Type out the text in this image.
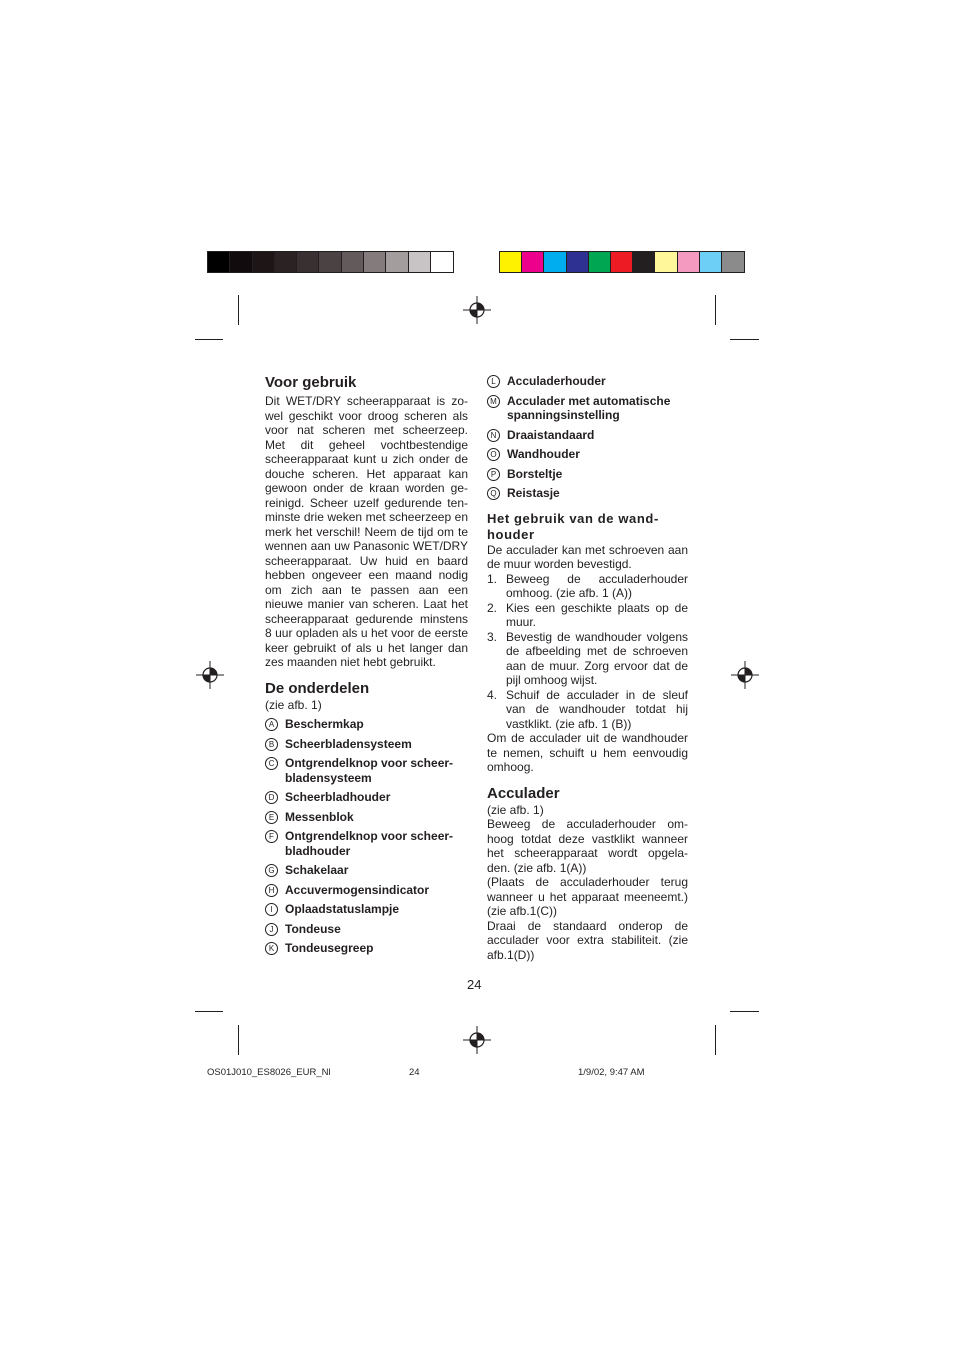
Voor gebruik

Dit WET/DRY scheerapparaat is zo-wel geschikt voor droog scheren als voor nat scheren met scheerzeep. Met dit geheel vochtbestendige scheerapparaat kunt u zich onder de douche scheren. Het apparaat kan gewoon onder de kraan worden ge-reinigd. Scheer uzelf gedurende ten-minste drie weken met scheerzeep en merk het verschil! Neem de tijd om te wennen aan uw Panasonic WET/DRY scheerapparaat. Uw huid en baard hebben ongeveer een maand nodig om zich aan te passen aan een nieuwe manier van scheren. Laat het scheerapparaat gedurende minstens 8 uur opladen als u het voor de eerste keer gebruikt of als u het langer dan zes maanden niet hebt gebruikt.

De onderdelen

(zie afb. 1)

A Beschermkap
B Scheerbladensysteem
C Ontgrendelknop voor scheer-bladensysteem
D Scheerbladhouder
E Messenblok
F Ontgrendelknop voor scheer-bladhouder
G Schakelaar
H Accuvermogensindicator
I	Oplaadstatuslampje
J Tondeuse
K Tondeusegreep
L Acculaderhouder
M Acculader met automatische spanningsinstelling
N Draaistandaard
O Wandhouder
P Borsteltje
Q Reistasje
Het gebruik van de wand-houder

De acculader kan met schroeven aan de muur worden bevestigd.

1. Beweeg de acculaderhouder omhoog. (zie afb. 1 (A))
2. Kies een geschikte plaats op de muur.
3. Bevestig de wandhouder volgens de afbeelding met de schroeven aan de muur. Zorg ervoor dat de pijl omhoog wijst.
4. Schuif de acculader in de sleuf van de wandhouder totdat hij vastklikt. (zie afb. 1 (B))

Om de acculader uit de wandhouder te nemen, schuift u hem eenvoudig omhoog.

Acculader

(zie afb. 1)

Beweeg de acculaderhouder om-hoog totdat deze vastklikt wanneer het scheerapparaat wordt opgela-den. (zie afb. 1(A))

(Plaats de acculaderhouder terug wanneer u het apparaat meeneemt.) (zie afb.1(C))

Draai de standaard onderop de acculader voor extra stabiliteit. (zie afb.1(D))

24
OS01J010_ES8026_EUR_Nl	24	1/9/02, 9:47 AM
